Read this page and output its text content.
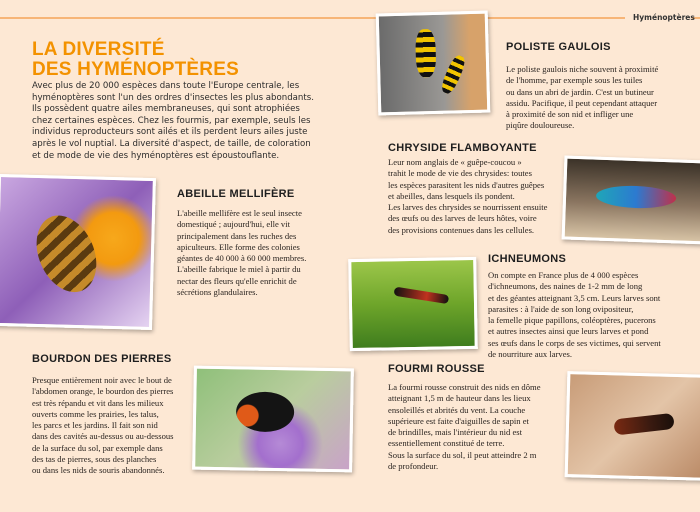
Hyménoptères
LA DIVERSITÉ
DES HYMÉNOPTÈRES
Avec plus de 20 000 espèces dans toute l'Europe centrale, les
hyménoptères sont l'un des ordres d'insectes les plus abondants.
Ils possèdent quatre ailes membraneuses, qui sont atrophiées
chez certaines espèces. Chez les fourmis, par exemple, seuls les
individus reproducteurs sont ailés et ils perdent leurs ailes juste
après le vol nuptial. La diversité d'aspect, de taille, de coloration
et de mode de vie des hyménoptères est époustouflante.
ABEILLE MELLIFÈRE
L'abeille mellifère est le seul insecte
domestiqué ; aujourd'hui, elle vit
principalement dans les ruches des
apiculteurs. Elle forme des colonies
géantes de 40 000 à 60 000 membres.
L'abeille fabrique le miel à partir du
nectar des fleurs qu'elle enrichit de
sécrétions glandulaires.
POLISTE GAULOIS
Le poliste gaulois niche souvent à proximité
de l'homme, par exemple sous les tuiles
ou dans un abri de jardin. C'est un butineur
assidu. Pacifique, il peut cependant attaquer
à proximité de son nid et infliger une
piqûre douloureuse.
CHRYSIDE FLAMBOYANTE
Leur nom anglais de « guêpe-coucou »
trahit le mode de vie des chrysides: toutes
les espèces parasitent les nids d'autres guêpes
et abeilles, dans lesquels ils pondent.
Les larves des chrysides se nourrissent ensuite
des œufs ou des larves de leurs hôtes, voire
des provisions contenues dans les cellules.
ICHNEUMONS
On compte en France plus de 4 000 espèces
d'ichneumons, des naines de 1-2 mm de long
et des géantes atteignant 3,5 cm. Leurs larves sont
parasites : à l'aide de son long ovipositeur,
la femelle pique papillons, coléoptères, pucerons
et autres insectes ainsi que leurs larves et pond
ses œufs dans le corps de ses victimes, qui servent
de nourriture aux larves.
BOURDON DES PIERRES
Presque entièrement noir avec le bout de
l'abdomen orange, le bourdon des pierres
est très répandu et vit dans les milieux
ouverts comme les prairies, les talus,
les parcs et les jardins. Il fait son nid
dans des cavités au-dessus ou au-dessous
de la surface du sol, par exemple dans
des tas de pierres, sous des planches
ou dans les nids de souris abandonnés.
FOURMI ROUSSE
La fourmi rousse construit des nids en dôme
atteignant 1,5 m de hauteur dans les lieux
ensoleillés et abrités du vent. La couche
supérieure est faite d'aiguilles de sapin et
de brindilles, mais l'intérieur du nid est
essentiellement constitué de terre.
Sous la surface du sol, il peut atteindre 2 m
de profondeur.
